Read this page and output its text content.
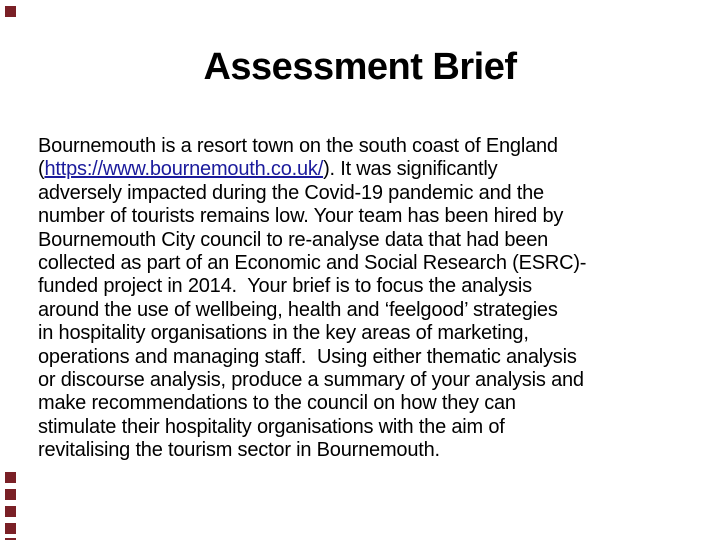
Assessment Brief
Bournemouth is a resort town on the south coast of England
(https://www.bournemouth.co.uk/). It was significantly
adversely impacted during the Covid-19 pandemic and the
number of tourists remains low. Your team has been hired by
Bournemouth City council to re-analyse data that had been
collected as part of an Economic and Social Research (ESRC)-
funded project in 2014.  Your brief is to focus the analysis
around the use of wellbeing, health and ‘feelgood’ strategies
in hospitality organisations in the key areas of marketing,
operations and managing staff.  Using either thematic analysis
or discourse analysis, produce a summary of your analysis and
make recommendations to the council on how they can
stimulate their hospitality organisations with the aim of
revitalising the tourism sector in Bournemouth.
